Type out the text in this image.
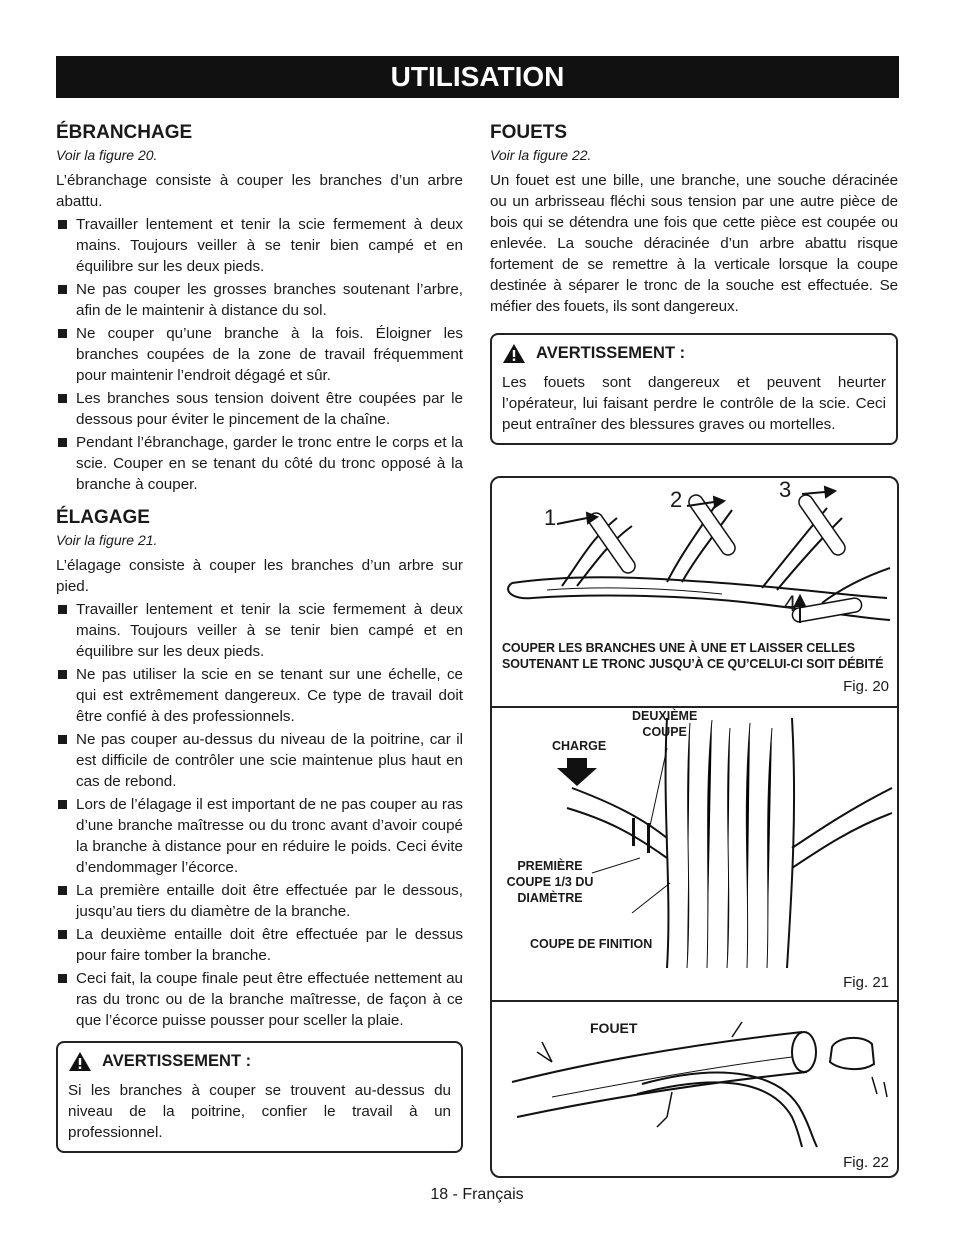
UTILISATION
ÉBRANCHAGE
Voir la figure 20.

L’ébranchage consiste à couper les branches d’un arbre abattu.

Travailler lentement et tenir la scie fermement à deux mains. Toujours veiller à se tenir bien campé et en équilibre sur les deux pieds.
Ne pas couper les grosses branches soutenant l’arbre, afin de le maintenir à distance du sol.
Ne couper qu’une branche à la fois. Éloigner les branches coupées de la zone de travail fréquemment pour maintenir l’endroit dégagé et sûr.
Les branches sous tension doivent être coupées par le dessous pour éviter le pincement de la chaîne.
Pendant l’ébranchage, garder le tronc entre le corps et la scie. Couper en se tenant du côté du tronc opposé à la branche à couper.
ÉLAGAGE
Voir la figure 21.

L’élagage consiste à couper les branches d’un arbre sur pied.

Travailler lentement et tenir la scie fermement à deux mains. Toujours veiller à se tenir bien campé et en équilibre sur les deux pieds.
Ne pas utiliser la scie en se tenant sur une échelle, ce qui est extrêmement dangereux. Ce type de travail doit être confié à des professionnels.
Ne pas couper au-dessus du niveau de la poitrine, car il est difficile de contrôler une scie maintenue plus haut en cas de rebond.
Lors de l’élagage il est important de ne pas couper au ras d’une branche maîtresse ou du tronc avant d’avoir coupé la branche à distance pour en réduire le poids. Ceci évite d’endommager l’écorce.
La première entaille doit être effectuée par le dessous, jusqu’au tiers du diamètre de la branche.
La deuxième entaille doit être effectuée par le dessus pour faire tomber la branche.
Ceci fait, la coupe finale peut être effectuée nettement au ras du tronc ou de la branche maîtresse, de façon à ce que l’écorce puisse pousser pour sceller la plaie.
AVERTISSEMENT :

Si les branches à couper se trouvent au-dessus du niveau de la poitrine, confier le travail à un professionnel.

FOUETS
Voir la figure 22.

Un fouet est une bille, une branche, une souche déracinée ou un arbrisseau fléchi sous tension par une autre pièce de bois qui se détendra une fois que cette pièce est coupée ou enlevée. La souche déracinée d’un arbre abattu risque fortement de se remettre à la verticale lorsque la coupe destinée à séparer le tronc de la souche est effectuée. Se méfier des fouets, ils sont dangereux.

AVERTISSEMENT :

Les fouets sont dangereux et peuvent heurter l’opérateur, lui faisant perdre le contrôle de la scie. Ceci peut entraîner des blessures graves ou mortelles.

1
2	3
4
COUPER LES BRANCHES UNE À UNE ET LAISSER CELLES
SOUTENANT LE TRONC JUSQU’À CE QU’CELUI-CI SOIT DÉBITÉ
Fig. 20
CHARGE
DEUXIÈME
COUPE
PREMIÈRE
COUPE 1/3 DU
DIAMÈTRE
COUPE DE FINITION
Fig. 21
FOUET
Fig. 22
18 - Français
